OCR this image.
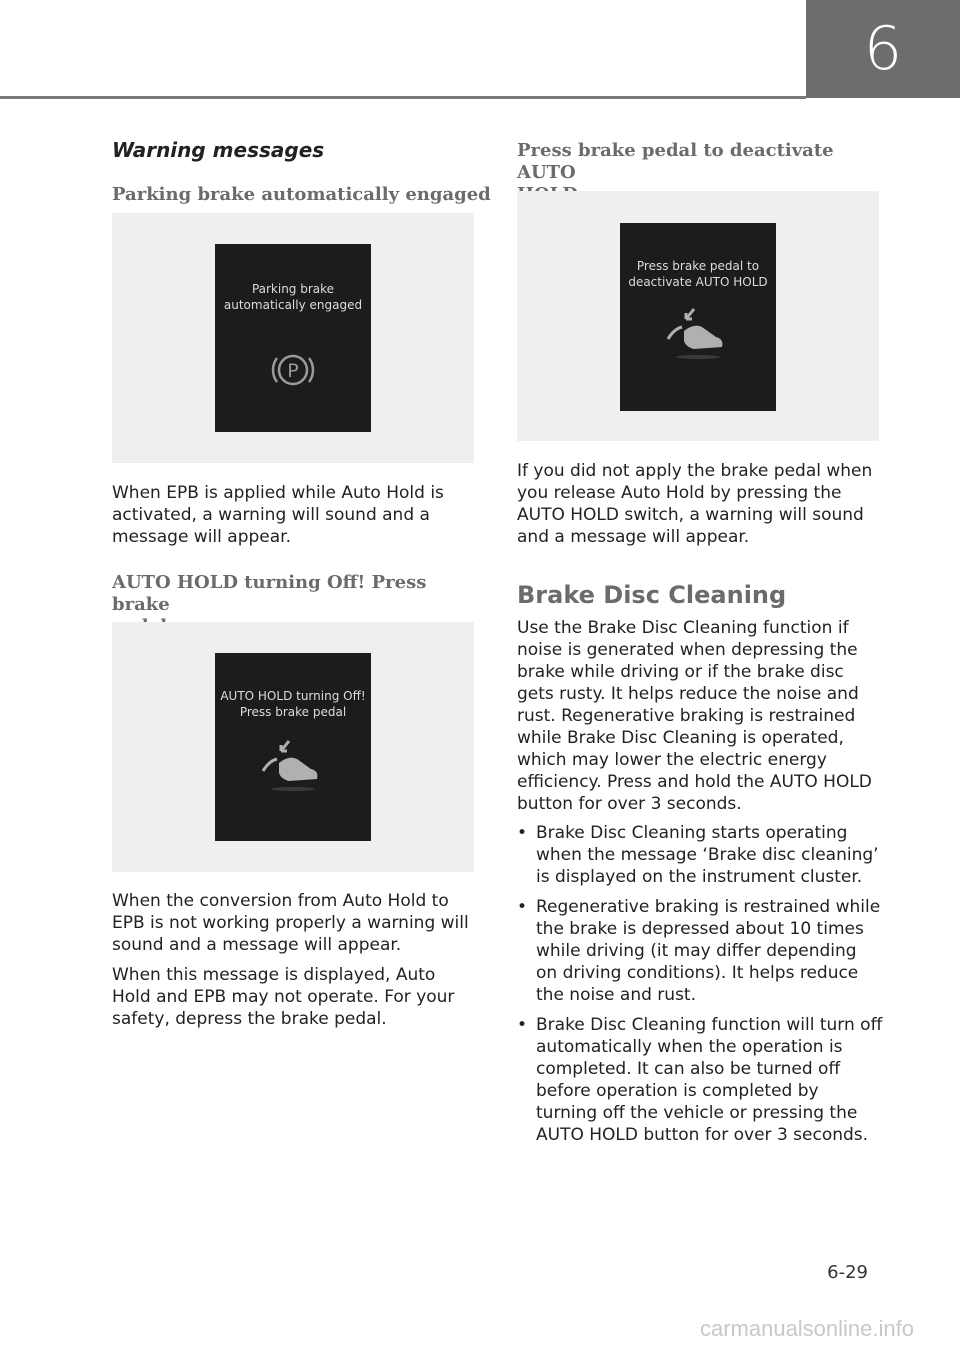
6
Warning messages
Parking brake automatically engaged
Parking brake
automatically engaged
P
When EPB is applied while Auto Hold is activated, a warning will sound and a message will appear.
AUTO HOLD turning Off! Press brake
AUTO HOLD turning Off!
Press brake pedal
When the conversion from Auto Hold to EPB is not working properly a warning will sound and a message will appear.
When this message is displayed, Auto Hold and EPB may not operate. For your safety, depress the brake pedal.
Press brake pedal to deactivate AUTO
Press brake pedal to
deactivate AUTO HOLD
If you did not apply the brake pedal when you release Auto Hold by pressing the AUTO HOLD switch, a warning will sound and a message will appear.
Brake Disc Cleaning
Use the Brake Disc Cleaning function if noise is generated when depressing the brake while driving or if the brake disc gets rusty. It helps reduce the noise and rust. Regenerative braking is restrained while Brake Disc Cleaning is operated, which may lower the electric energy efficiency. Press and hold the AUTO HOLD button for over 3 seconds.
• Brake Disc Cleaning starts operating when the message ‘Brake disc cleaning’ is displayed on the instrument cluster.
• Regenerative braking is restrained while the brake is depressed about 10 times while driving (it may differ depending on driving conditions). It helps reduce the noise and rust.
• Brake Disc Cleaning function will turn off automatically when the operation is completed. It can also be turned off before operation is completed by turning off the vehicle or pressing the AUTO HOLD button for over 3 seconds.
6-29
carmanualsonline.info
